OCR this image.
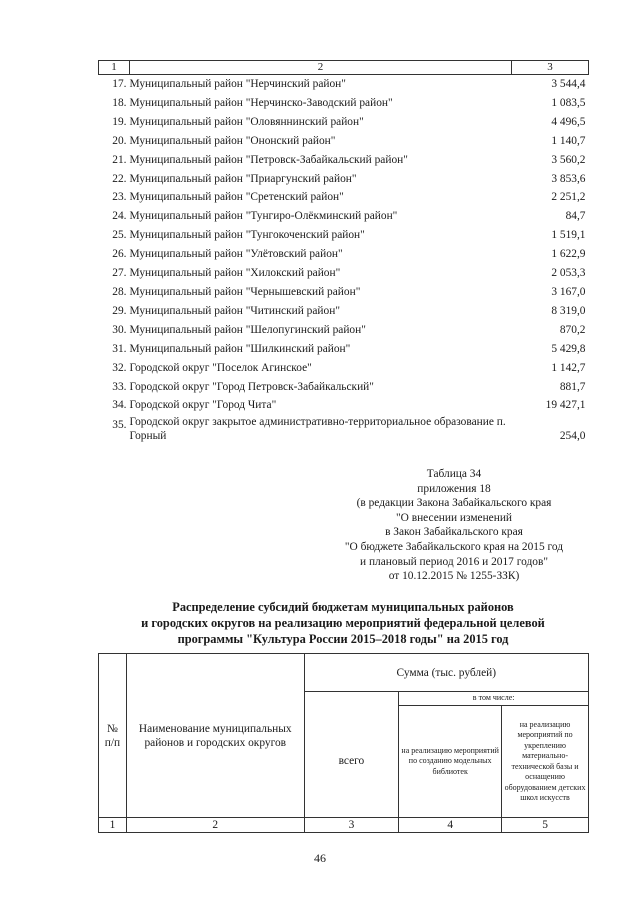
1	2	3
17.	Муниципальный район "Нерчинский район"	3 544,4
18.	Муниципальный район "Нерчинско-Заводский район"	1 083,5
19.	Муниципальный район "Оловяннинский район"	4 496,5
20.	Муниципальный район "Ононский район"	1 140,7
21.	Муниципальный район "Петровск-Забайкальский район"	3 560,2
22.	Муниципальный район "Приаргунский район"	3 853,6
23.	Муниципальный район "Сретенский район"	2 251,2
24.	Муниципальный район "Тунгиро-Олёкминский район"	84,7
25.	Муниципальный район "Тунгокоченский район"	1 519,1
26.	Муниципальный район "Улётовский район"	1 622,9
27.	Муниципальный район "Хилокский район"	2 053,3
28.	Муниципальный район "Чернышевский район"	3 167,0
29.	Муниципальный район "Читинский район"	8 319,0
30.	Муниципальный район "Шелопугинский район"	870,2
31.	Муниципальный район "Шилкинский район"	5 429,8
32.	Городской округ "Поселок Агинское"	1 142,7
33.	Городской округ "Город Петровск-Забайкальский"	881,7
34.	Городской округ "Город Чита"	19 427,1
35.	Городской округ закрытое административно-территориальное образование п. Горный	254,0
Таблица 34
приложения 18
(в редакции Закона Забайкальского края
"О внесении изменений
в Закон Забайкальского края
"О бюджете Забайкальского края на 2015 год
и плановый период 2016 и 2017 годов"
от 10.12.2015 № 1255-ЗЗК)
Распределение субсидий бюджетам муниципальных районов
и городских округов на реализацию мероприятий федеральной целевой
программы "Культура России 2015–2018 годы" на 2015 год
№ п/п	Наименование муниципальных районов и городских округов	Сумма (тыс. рублей)		
			в том числе:	
		всего	на реализацию мероприятий по созданию модельных библиотек	на реализацию мероприятий по укреплению материально-технической базы и оснащению оборудованием детских школ искусств
1	2	3	4	5
46
